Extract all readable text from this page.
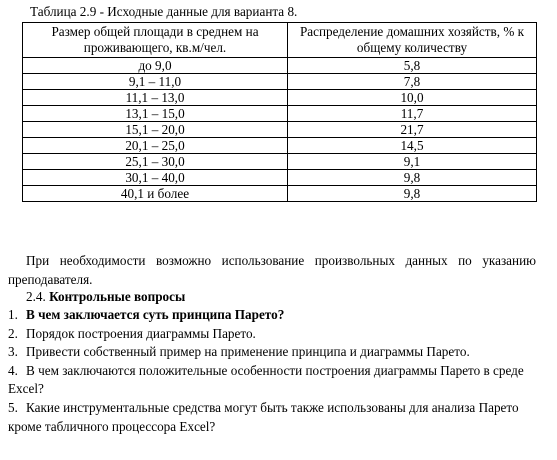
Таблица 2.9 - Исходные данные для варианта 8.
Размер общей площади в среднем на проживающего, кв.м/чел.	Распределение домашних хозяйств, % к общему количеству
до 9,0	5,8
9,1 – 11,0	7,8
11,1 – 13,0	10,0
13,1 – 15,0	11,7
15,1 – 20,0	21,7
20,1 – 25,0	14,5
25,1 – 30,0	9,1
30,1 – 40,0	9,8
40,1 и более	9,8
При необходимости возможно использование произвольных данных по указанию преподавателя.
2.4. Контрольные вопросы
1. В чем заключается суть принципа Парето?
2. Порядок построения диаграммы Парето.
3. Привести собственный пример на применение принципа и диаграммы Парето.
4. В чем заключаются положительные особенности построения диаграммы Парето в среде Excel?
5. Какие инструментальные средства могут быть также использованы для анализа Парето кроме табличного процессора Excel?
